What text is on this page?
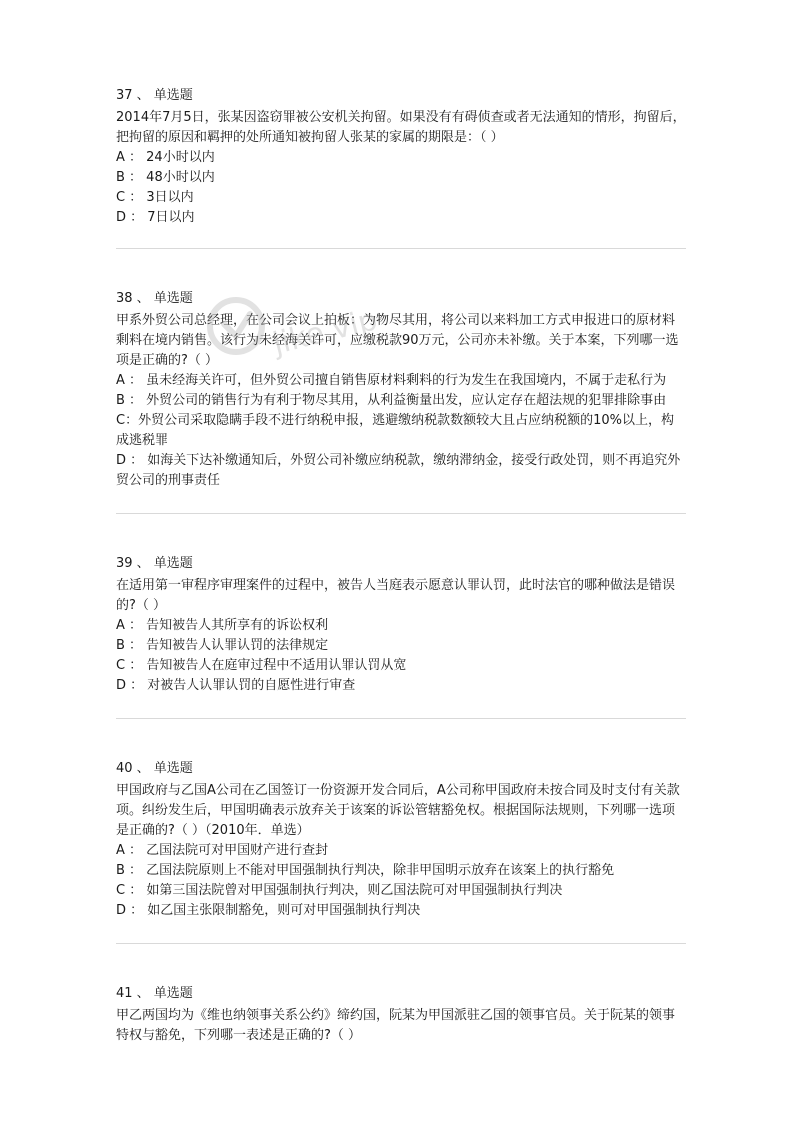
37 、 单选题

2014年7月5日，张某因盗窃罪被公安机关拘留。如果没有有碍侦查或者无法通知的情形，拘留后，把拘留的原因和羁押的处所通知被拘留人张某的家属的期限是：（ ）

A ： 24小时以内

B ： 48小时以内

C ： 3日以内

D ： 7日以内

38 、 单选题

甲系外贸公司总经理，在公司会议上拍板：为物尽其用，将公司以来料加工方式申报进口的原材料剩料在境内销售。该行为未经海关许可，应缴税款90万元，公司亦未补缴。关于本案，下列哪一选项是正确的?（ ）

A ： 虽未经海关许可，但外贸公司擅自销售原材料剩料的行为发生在我国境内，不属于走私行为

B ： 外贸公司的销售行为有利于物尽其用，从利益衡量出发，应认定存在超法规的犯罪排除事由

C：外贸公司采取隐瞒手段不进行纳税申报，逃避缴纳税款数额较大且占应纳税额的10%以上，构成逃税罪

D ： 如海关下达补缴通知后，外贸公司补缴应纳税款，缴纳滞纳金，接受行政处罚，则不再追究外贸公司的刑事责任

39 、 单选题

在适用第一审程序审理案件的过程中，被告人当庭表示愿意认罪认罚，此时法官的哪种做法是错误的?（ ）

A ： 告知被告人其所享有的诉讼权利

B ： 告知被告人认罪认罚的法律规定

C ： 告知被告人在庭审过程中不适用认罪认罚从宽

D ： 对被告人认罪认罚的自愿性进行审查

40 、 单选题

甲国政府与乙国A公司在乙国签订一份资源开发合同后，A公司称甲国政府未按合同及时支付有关款项。纠纷发生后，甲国明确表示放弃关于该案的诉讼管辖豁免权。根据国际法规则，下列哪一选项是正确的?（ ）（2010年．单选）

A ： 乙国法院可对甲国财产进行查封

B ： 乙国法院原则上不能对甲国强制执行判决，除非甲国明示放弃在该案上的执行豁免

C ： 如第三国法院曾对甲国强制执行判决，则乙国法院可对甲国强制执行判决

D ： 如乙国主张限制豁免，则可对甲国强制执行判决

41 、 单选题

甲乙两国均为《维也纳领事关系公约》缔约国，阮某为甲国派驻乙国的领事官员。关于阮某的领事特权与豁免，下列哪一表述是正确的?（ ）

jike.vip
